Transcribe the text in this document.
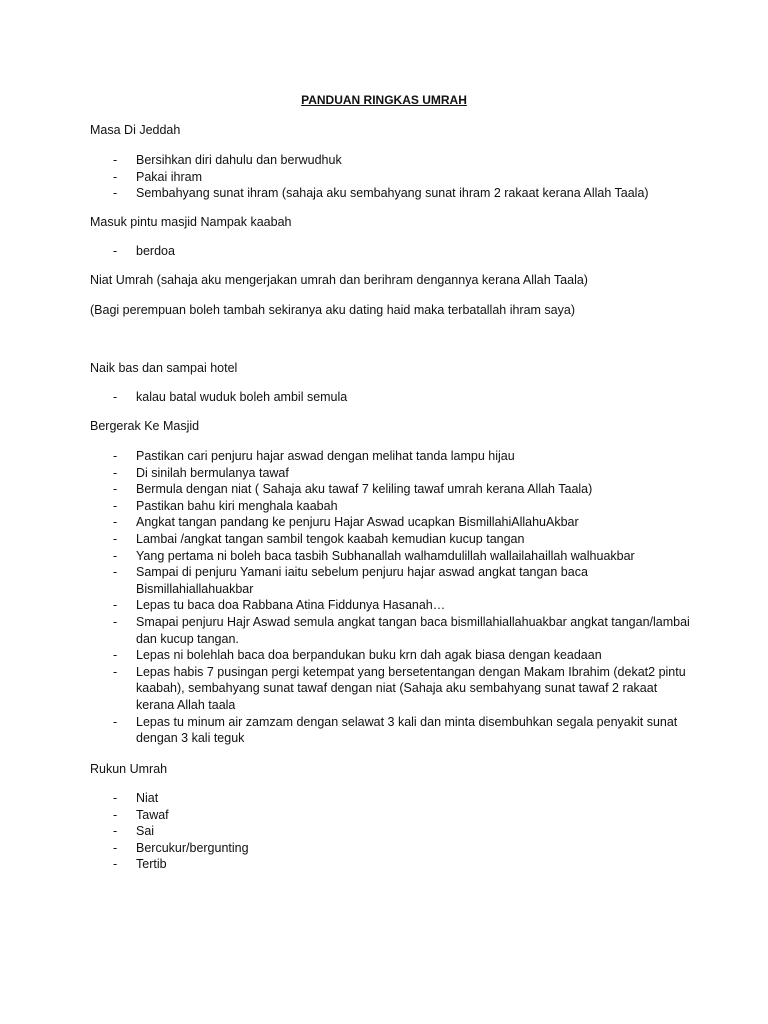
PANDUAN RINGKAS UMRAH

Masa Di Jeddah

- Bersihkan diri dahulu dan berwudhuk
- Pakai ihram
- Sembahyang sunat ihram (sahaja aku sembahyang sunat ihram 2 rakaat kerana Allah Taala)

Masuk pintu masjid Nampak kaabah

- berdoa

Niat Umrah (sahaja aku mengerjakan umrah dan berihram dengannya kerana Allah Taala)

(Bagi perempuan boleh tambah sekiranya aku dating haid maka terbatallah ihram saya)

Naik bas dan sampai hotel

- kalau batal wuduk boleh ambil semula

Bergerak Ke Masjid

- Pastikan cari penjuru hajar aswad dengan melihat tanda lampu hijau
- Di sinilah bermulanya tawaf
- Bermula dengan niat ( Sahaja aku tawaf 7 keliling tawaf umrah kerana Allah Taala)
- Pastikan bahu kiri menghala kaabah
- Angkat tangan pandang ke penjuru Hajar Aswad ucapkan BismillahiAllahuAkbar
- Lambai /angkat tangan sambil tengok kaabah kemudian kucup tangan
- Yang pertama ni boleh baca tasbih Subhanallah walhamdulillah wallailahaillah walhuakbar
- Sampai di penjuru Yamani iaitu sebelum penjuru hajar aswad angkat tangan baca Bismillahiallahuakbar
- Lepas tu baca doa Rabbana Atina Fiddunya Hasanah…
- Smapai penjuru Hajr Aswad semula angkat tangan baca bismillahiallahuakbar angkat tangan/lambai dan kucup tangan.
- Lepas ni bolehlah baca doa berpandukan buku krn dah agak biasa dengan keadaan
- Lepas habis 7 pusingan pergi ketempat yang bersetentangan dengan Makam Ibrahim (dekat2 pintu kaabah), sembahyang sunat tawaf dengan niat (Sahaja aku sembahyang sunat tawaf 2 rakaat kerana Allah taala
- Lepas tu minum air zamzam dengan selawat 3 kali dan minta disembuhkan segala penyakit sunat dengan 3 kali teguk

Rukun Umrah

- Niat
- Tawaf
- Sai
- Bercukur/bergunting
- Tertib
